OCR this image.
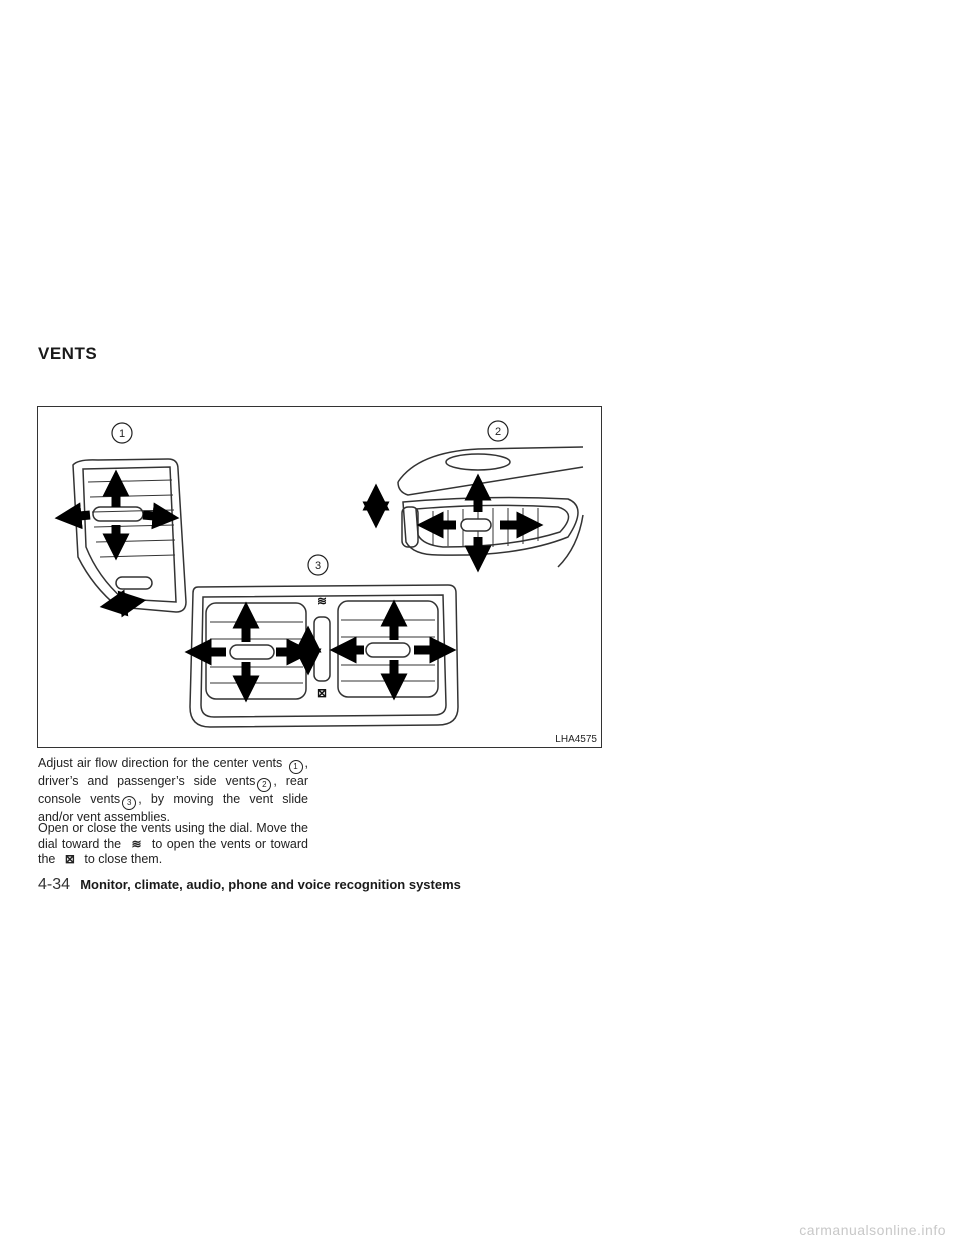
VENTS
1	2
3
≋
⊠
LHA4575
Adjust air flow direction for the center vents 1 , driver’s and passenger’s side vents 2 , rear console vents 3 , by moving the vent slide and/or vent assemblies.
Open or close the vents using the dial. Move the dial toward the ≋ to open the vents or toward the ⊠ to close them.
4-34 Monitor, climate, audio, phone and voice recognition systems
carmanualsonline.info
